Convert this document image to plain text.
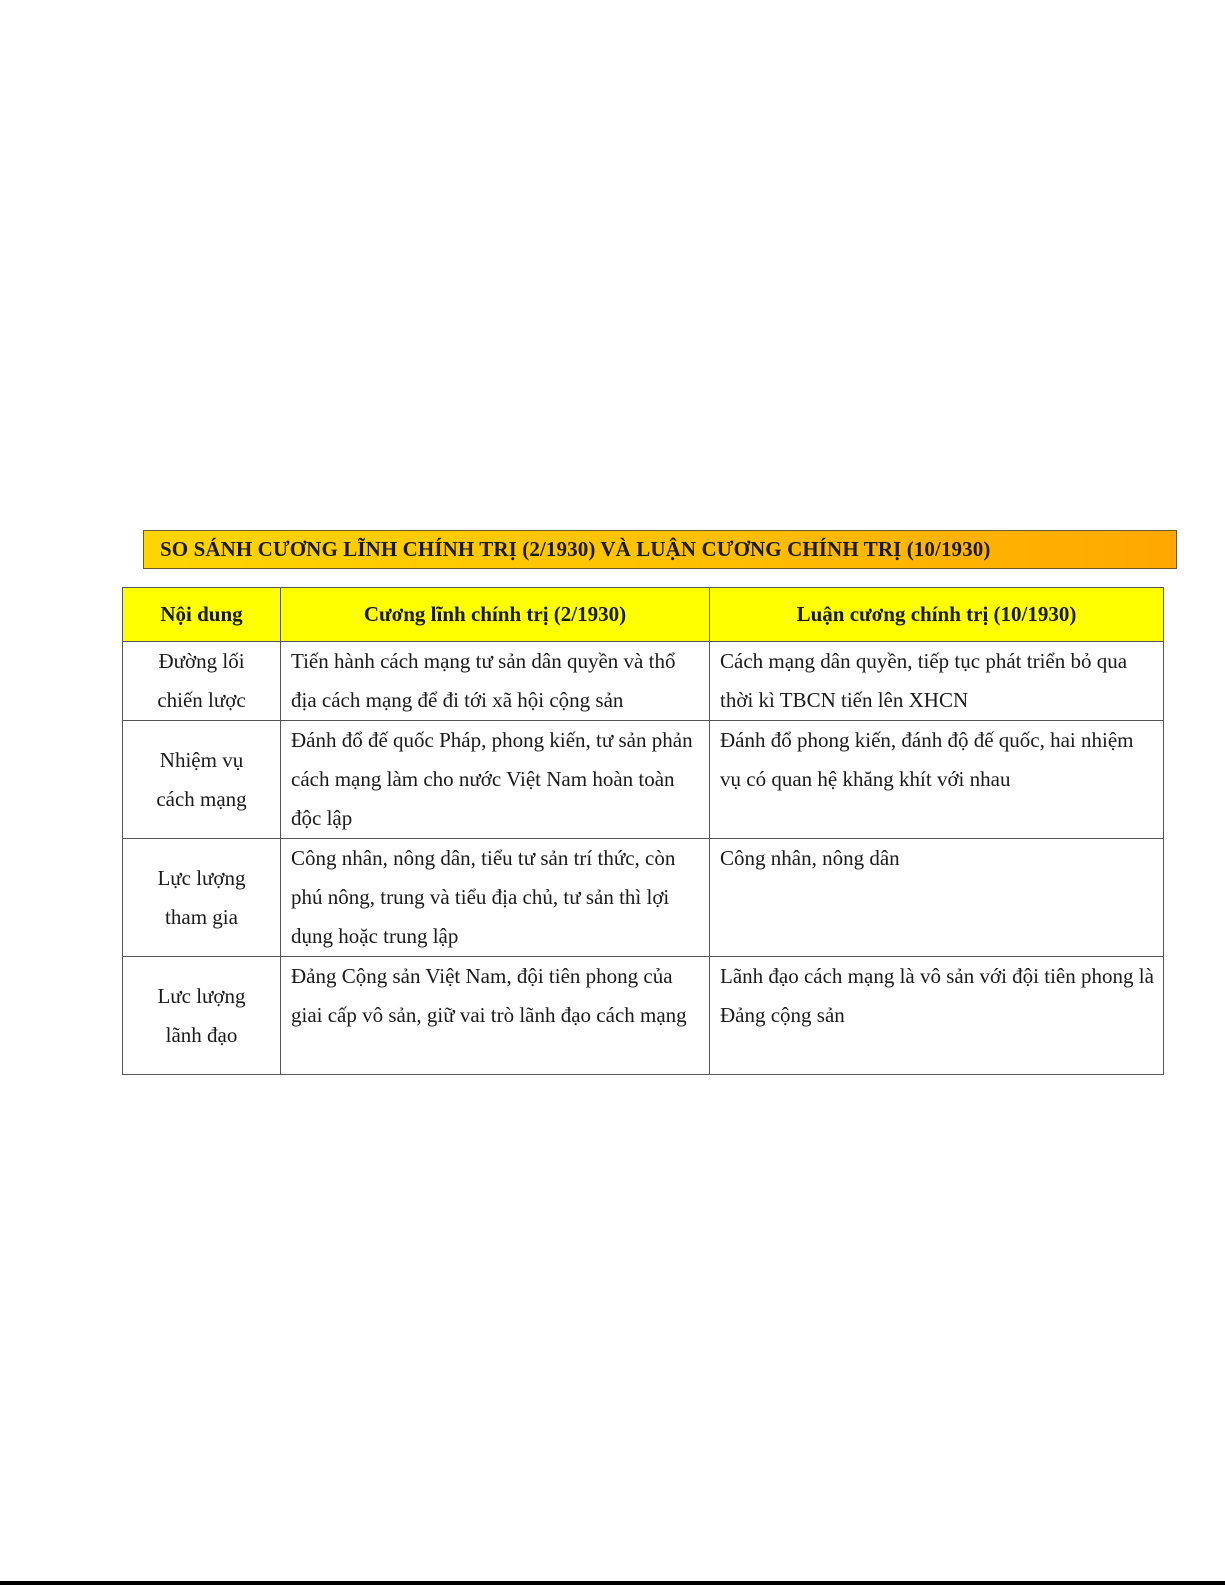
SO SÁNH CƯƠNG LĨNH CHÍNH TRỊ (2/1930) VÀ LUẬN CƯƠNG CHÍNH TRỊ (10/1930)
Nội dung	Cương lĩnh chính trị (2/1930)	Luận cương chính trị (10/1930)

Đường lối
chiến lược	Tiến hành cách mạng tư sản dân quyền và thổ địa cách mạng để đi tới xã hội cộng sản	Cách mạng dân quyền, tiếp tục phát triển bỏ qua thời kì TBCN tiến lên XHCN

Nhiệm vụ
cách mạng	Đánh đổ đế quốc Pháp, phong kiến, tư sản phản cách mạng làm cho nước Việt Nam hoàn toàn độc lập	Đánh đổ phong kiến, đánh độ đế quốc, hai nhiệm vụ có quan hệ khăng khít với nhau

Lực lượng
tham gia	Công nhân, nông dân, tiểu tư sản trí thức, còn phú nông, trung và tiểu địa chủ, tư sản thì lợi dụng hoặc trung lập	Công nhân, nông dân

Lưc lượng
lãnh đạo	Đảng Cộng sản Việt Nam, đội tiên phong của giai cấp vô sản, giữ vai trò lãnh đạo cách mạng	Lãnh đạo cách mạng là vô sản với đội tiên phong là Đảng cộng sản
